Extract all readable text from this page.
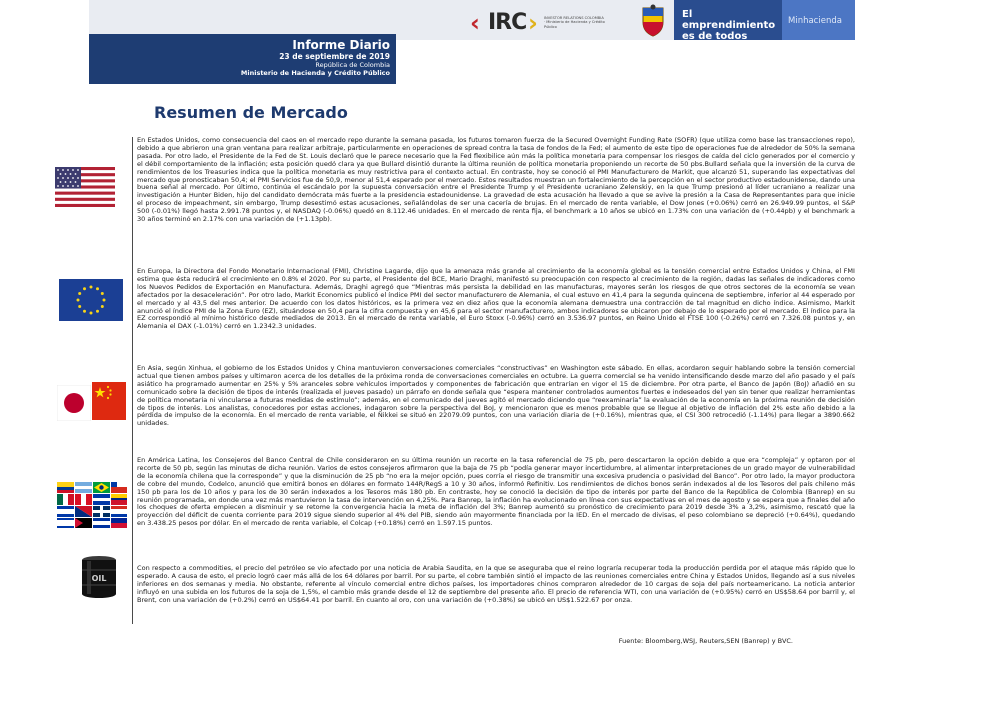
Informe Diario
23 de septiembre de 2019
República de Colombia
Ministerio de Hacienda y Crédito Público
‹ IRC › INVESTOR RELATIONS COLOMBIA · Ministerio de Hacienda y Crédito Público
El emprendimiento
es de todos
Minhacienda
Resumen de Mercado
OIL

En Estados Unidos, como consecuencia del caos en el mercado repo durante la semana pasada, los futuros tomaron fuerza de la Secured Overnight Funding Rate (SOFR) (que utiliza como base las transacciones repo), debido a que abrieron una gran ventana para realizar arbitraje, particularmente en operaciones de spread contra la tasa de fondos de la Fed; el aumento de este tipo de operaciones fue de alrededor de 50% la semana pasada. Por otro lado, el Presidente de la Fed de St. Louis declaró que le parece necesario que la Fed flexibilice aún más la política monetaria para compensar los riesgos de caída del ciclo generados por el comercio y el débil comportamiento de la inflación; esta posición quedó clara ya que Bullard disintió durante la última reunión de política monetaria proponiendo un recorte de 50 pbs.Bullard señala que la inversión de la curva de rendimientos de los Treasuries indica que la política monetaria es muy restrictiva para el contexto actual. En contraste, hoy se conoció el PMI Manufacturero de Markit, que alcanzó 51, superando las expectativas del mercado que pronosticaban 50,4; el PMI Servicios fue de 50,9, menor al 51,4 esperado por el mercado. Estos resultados muestran un fortalecimiento de la percepción en el sector productivo estadounidense, dando una buena señal al mercado. Por último, continúa el escándalo por la supuesta conversación entre el Presidente Trump y el Presidente ucraniano Zelenskiy, en la que Trump presionó al líder ucraniano a realizar una investigación a Hunter Biden, hijo del candidato demócrata más fuerte a la presidencia estadounidense. La gravedad de esta acusación ha llevado a que se avive la presión a la Casa de Representantes para que inicie el proceso de impeachment, sin embargo, Trump desestimó estas acusaciones, señalándolas de ser una cacería de brujas. En el mercado de renta variable, el Dow Jones (+0.06%) cerró en 26.949.99 puntos, el S&P 500 (-0.01%) llegó hasta 2.991.78 puntos y, el NASDAQ (-0.06%) quedó en 8.112.46 unidades. En el mercado de renta fija, el benchmark a 10 años se ubicó en 1.73% con una variación de (+0.44pb) y el benchmark a 30 años terminó en 2.17% con una variación de (+1.13pb).

En Europa, la Directora del Fondo Monetario Internacional (FMI), Christine Lagarde, dijo que la amenaza más grande al crecimiento de la economía global es la tensión comercial entre Estados Unidos y China, el FMI estima que ésta reducirá el crecimiento en 0.8% el 2020. Por su parte, el Presidente del BCE, Mario Draghi, manifestó su preocupación con respecto al crecimiento de la región, dadas las señales de indicadores como los Nuevos Pedidos de Exportación en Manufactura. Además, Draghi agregó que “Mientras más persista la debilidad en las manufacturas, mayores serán los riesgos de que otros sectores de la economía se vean afectados por la desaceleración”. Por otro lado, Markit Economics publicó el índice PMI del sector manufacturero de Alemania, el cual estuvo en 41,4 para la segunda quincena de septiembre, inferior al 44 esperado por el mercado y al 43,5 del mes anterior. De acuerdo con los datos históricos, es la primera vez en diez años que la economía alemana demuestra una contracción de tal magnitud en dicho índice. Asimismo, Markit anunció el índice PMI de la Zona Euro (EZ), situándose en 50,4 para la cifra compuesta y en 45,6 para el sector manufacturero, ambos indicadores se ubicaron por debajo de lo esperado por el mercado. El índice para la EZ correspondió al mínimo histórico desde mediados de 2013. En el mercado de renta variable, el Euro Stoxx (-0.96%) cerró en 3.536.97 puntos, en Reino Unido el FTSE 100 (-0.26%) cerró en 7.326.08 puntos y, en Alemania el DAX (-1.01%) cerró en 1.2342.3 unidades.

En Asia, según Xinhua, el gobierno de los Estados Unidos y China mantuvieron conversaciones comerciales “constructivas” en Washington este sábado. En ellas, acordaron seguir hablando sobre la tensión comercial actual que tienen ambos países y ultimaron acerca de los detalles de la próxima ronda de conversaciones comerciales en octubre. La guerra comercial se ha venido intensificando desde marzo del año pasado y el país asiático ha programado aumentar en 25% y 5% aranceles sobre vehículos importados y componentes de fabricación que entrarían en vigor el 15 de diciembre. Por otra parte, el Banco de Japón (BoJ) añadió en su comunicado sobre la decisión de tipos de interés (realizada el jueves pasado) un párrafo en donde señala que “espera mantener controlados aumentos fuertes e indeseados del yen sin tener que realizar herramientas de política monetaria ni vincularse a futuras medidas de estímulo”; además, en el comunicado del jueves agitó el mercado diciendo que “reexaminaría” la evaluación de la economía en la próxima reunión de decisión de tipos de interés. Los analistas, conocedores por estas acciones, indagaron sobre la perspectiva del BoJ, y mencionaron que es menos probable que se llegue al objetivo de inflación del 2% este año debido a la pérdida de impulso de la economía. En el mercado de renta variable, el Nikkei se situó en 22079.09 puntos, con una variación diaria de (+0.16%), mientras que, el CSI 300 retrocedió (-1.14%) para llegar a 3890.662 unidades.

En América Latina, los Consejeros del Banco Central de Chile consideraron en su última reunión un recorte en la tasa referencial de 75 pb, pero descartaron la opción debido a que era “compleja” y optaron por el recorte de 50 pb, según las minutas de dicha reunión. Varios de estos consejeros afirmaron que la baja de 75 pb “podía generar mayor incertidumbre, al alimentar interpretaciones de un grado mayor de vulnerabilidad de la economía chilena que la corresponde” y que la disminución de 25 pb “no era la mejor opción, pues corría el riesgo de transmitir una excesiva prudencia o pasividad del Banco”. Por otro lado, la mayor productora de cobre del mundo, Codelco, anunció que emitirá bonos en dólares en formato 144R/RegS a 10 y 30 años, informó Refinitiv. Los rendimientos de dichos bonos serán indexados al de los Tesoros del país chileno más 150 pb para los de 10 años y para los de 30 serán indexados a los Tesoros más 180 pb. En contraste, hoy se conoció la decisión de tipo de interés por parte del Banco de la República de Colombia (Banrep) en su reunión programada, en donde una vez más mantuvieron la tasa de intervención en 4,25%. Para Banrep, la inflación ha evolucionado en línea con sus expectativas en el mes de agosto y se espera que a finales del año los choques de oferta empiecen a disminuir y se retome la convergencia hacia la meta de inflación del 3%; Banrep aumentó su pronóstico de crecimiento para 2019 desde 3% a 3,2%, asimismo, rescató que la proyección del déficit de cuenta corriente para 2019 sigue siendo superior al 4% del PIB, siendo aún mayormente financiada por la IED. En el mercado de divisas, el peso colombiano se depreció (+0.64%), quedando en 3.438.25 pesos por dólar. En el mercado de renta variable, el Colcap (+0.18%) cerró en 1.597.15 puntos.

Con respecto a commodities, el precio del petróleo se vio afectado por una noticia de Arabia Saudita, en la que se aseguraba que el reino lograría recuperar toda la producción perdida por el ataque más rápido que lo esperado. A causa de esto, el precio logró caer más allá de los 64 dólares por barril. Por su parte, el cobre también sintió el impacto de las reuniones comerciales entre China y Estados Unidos, llegando así a sus niveles inferiores en dos semanas y media. No obstante, referente al vínculo comercial entre dichos países, los importadores chinos compraron alrededor de 10 cargas de soja del país norteamericano. La noticia anterior influyó en una subida en los futuros de la soja de 1,5%, el cambio más grande desde el 12 de septiembre del presente año. El precio de referencia WTI, con una variación de (+0.95%) cerró en US$58.64 por barril y, el Brent, con una variación de (+0.2%) cerró en US$64.41 por barril. En cuanto al oro, con una variación de (+0.38%) se ubicó en US$1.522.67 por onza.

Fuente: Bloomberg,WSJ, Reuters,SEN (Banrep) y BVC.
